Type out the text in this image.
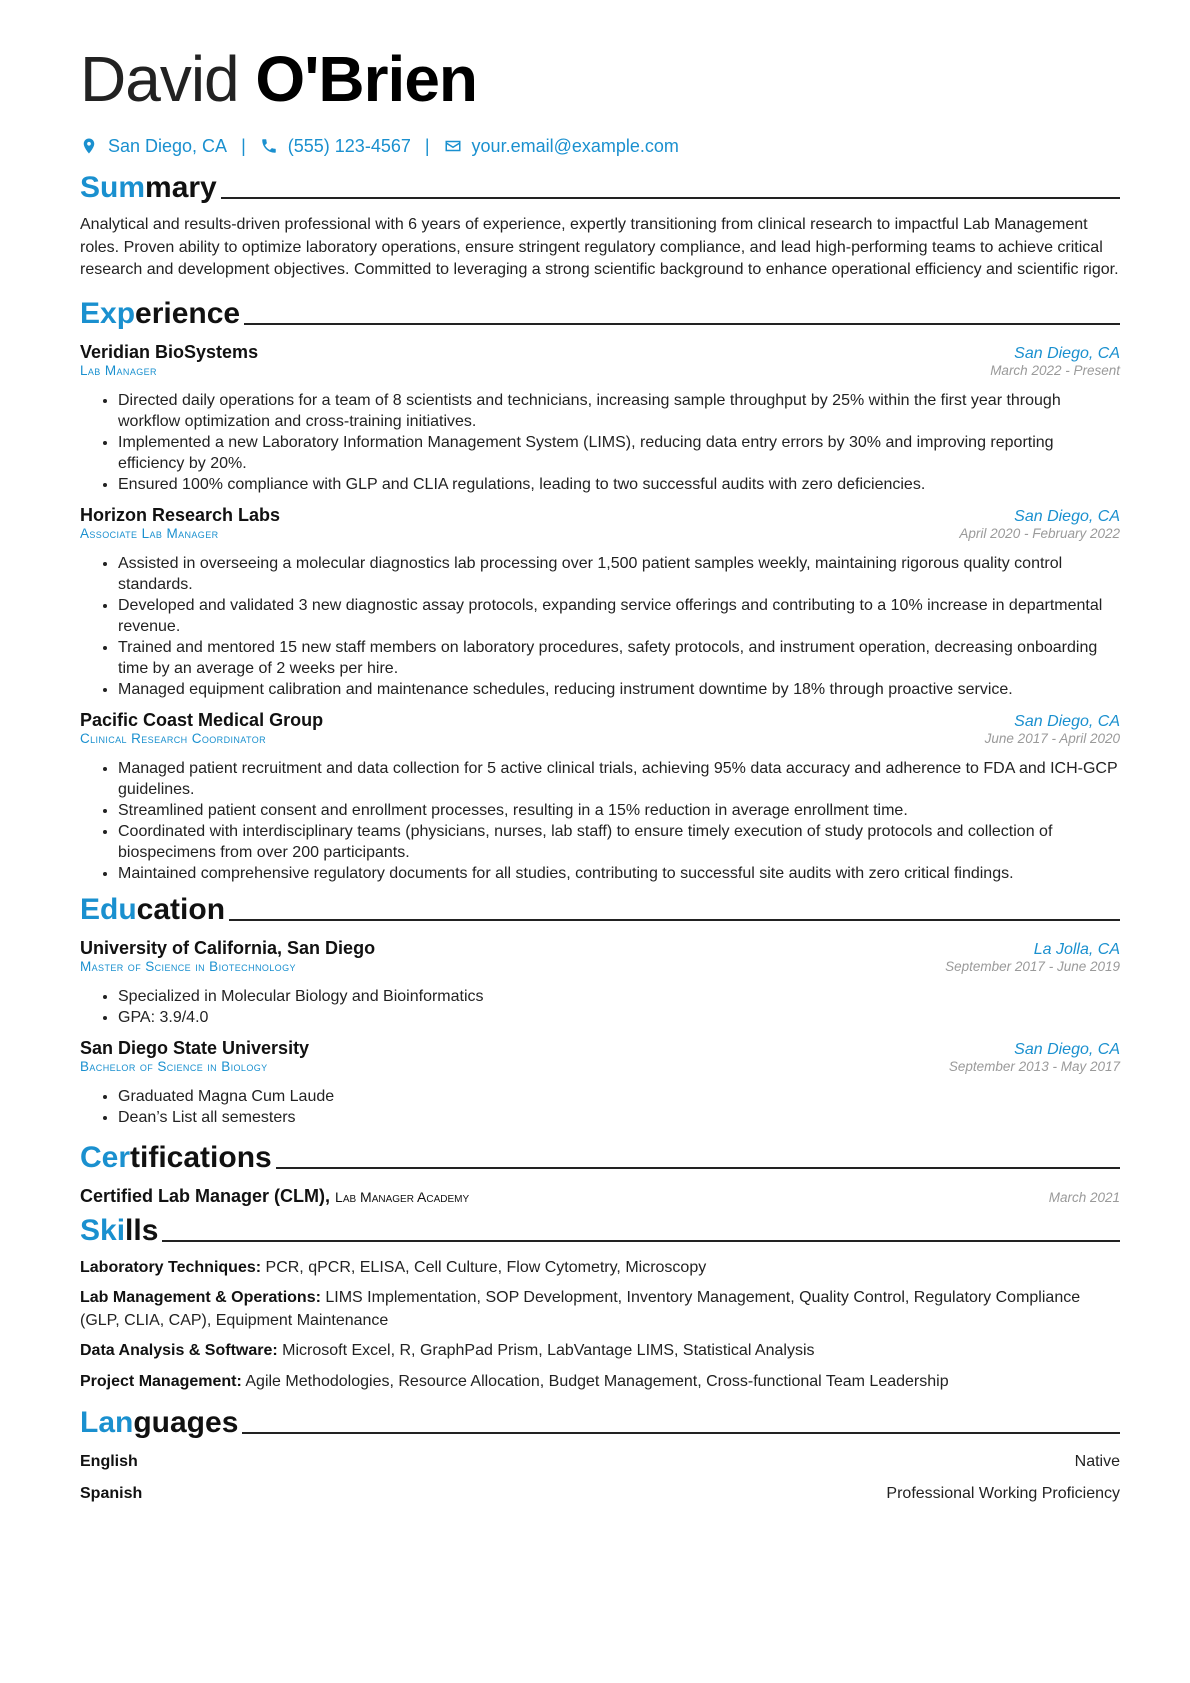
David O'Brien
San Diego, CA | (555) 123-4567 | your.email@example.com
Summary

Analytical and results-driven professional with 6 years of experience, expertly transitioning from clinical research to impactful Lab Management roles. Proven ability to optimize laboratory operations, ensure stringent regulatory compliance, and lead high-performing teams to achieve critical research and development objectives. Committed to leveraging a strong scientific background to enhance operational efficiency and scientific rigor.

Experience
Veridian BioSystems	San Diego, CA
Lab Manager	March 2022 - Present
• Directed daily operations for a team of 8 scientists and technicians, increasing sample throughput by 25% within the first year through workflow optimization and cross-training initiatives.
• Implemented a new Laboratory Information Management System (LIMS), reducing data entry errors by 30% and improving reporting efficiency by 20%.
• Ensured 100% compliance with GLP and CLIA regulations, leading to two successful audits with zero deficiencies.
Horizon Research Labs	San Diego, CA
Associate Lab Manager	April 2020 - February 2022
• Assisted in overseeing a molecular diagnostics lab processing over 1,500 patient samples weekly, maintaining rigorous quality control standards.
• Developed and validated 3 new diagnostic assay protocols, expanding service offerings and contributing to a 10% increase in departmental revenue.
• Trained and mentored 15 new staff members on laboratory procedures, safety protocols, and instrument operation, decreasing onboarding time by an average of 2 weeks per hire.
• Managed equipment calibration and maintenance schedules, reducing instrument downtime by 18% through proactive service.
Pacific Coast Medical Group	San Diego, CA
Clinical Research Coordinator	June 2017 - April 2020
• Managed patient recruitment and data collection for 5 active clinical trials, achieving 95% data accuracy and adherence to FDA and ICH-GCP guidelines.
• Streamlined patient consent and enrollment processes, resulting in a 15% reduction in average enrollment time.
• Coordinated with interdisciplinary teams (physicians, nurses, lab staff) to ensure timely execution of study protocols and collection of biospecimens from over 200 participants.
• Maintained comprehensive regulatory documents for all studies, contributing to successful site audits with zero critical findings.
Education
University of California, San Diego	La Jolla, CA
Master of Science in Biotechnology	September 2017 - June 2019
• Specialized in Molecular Biology and Bioinformatics
• GPA: 3.9/4.0
San Diego State University	San Diego, CA
Bachelor of Science in Biology	September 2013 - May 2017
• Graduated Magna Cum Laude
• Dean’s List all semesters
Certifications
Certified Lab Manager (CLM), Lab Manager Academy	March 2021
Skills
Laboratory Techniques: PCR, qPCR, ELISA, Cell Culture, Flow Cytometry, Microscopy
Lab Management & Operations: LIMS Implementation, SOP Development, Inventory Management, Quality Control, Regulatory Compliance (GLP, CLIA, CAP), Equipment Maintenance
Data Analysis & Software: Microsoft Excel, R, GraphPad Prism, LabVantage LIMS, Statistical Analysis
Project Management: Agile Methodologies, Resource Allocation, Budget Management, Cross-functional Team Leadership
Languages
English	Native
Spanish	Professional Working Proficiency
